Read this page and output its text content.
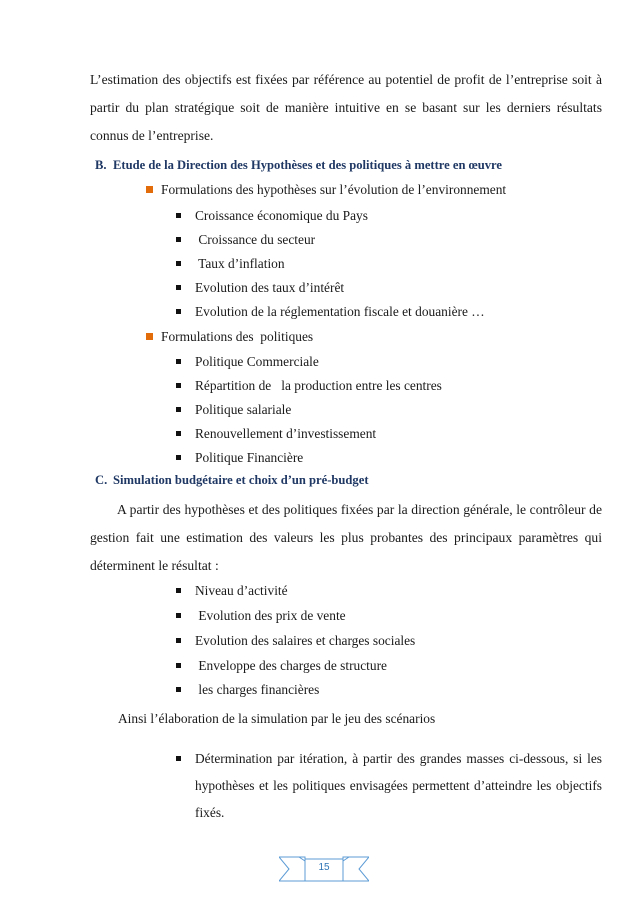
L’estimation des objectifs est fixées par référence au potentiel de profit de l’entreprise soit à partir du plan stratégique soit de manière intuitive en se basant sur les derniers résultats connus de l’entreprise.
B. Etude de la Direction des Hypothèses et des politiques à mettre en œuvre
Formulations des hypothèses sur l’évolution de l’environnement
Croissance économique du Pays
Croissance du secteur
Taux d’inflation
Evolution des taux d’intérêt
Evolution de la réglementation fiscale et douanière …
Formulations des  politiques
Politique Commerciale
Répartition de   la production entre les centres
Politique salariale
Renouvellement d’investissement
Politique Financière
C. Simulation budgétaire et choix d’un pré-budget
A partir des hypothèses et des politiques fixées par la direction générale, le contrôleur de gestion fait une estimation des valeurs les plus probantes des principaux paramètres qui déterminent le résultat :
Niveau d’activité
Evolution des prix de vente
Evolution des salaires et charges sociales
Enveloppe des charges de structure
les charges financières
Ainsi l’élaboration de la simulation par le jeu des scénarios
Détermination par itération, à partir des grandes masses ci-dessous, si les hypothèses et les politiques envisagées permettent d’atteindre les objectifs fixés.
15
